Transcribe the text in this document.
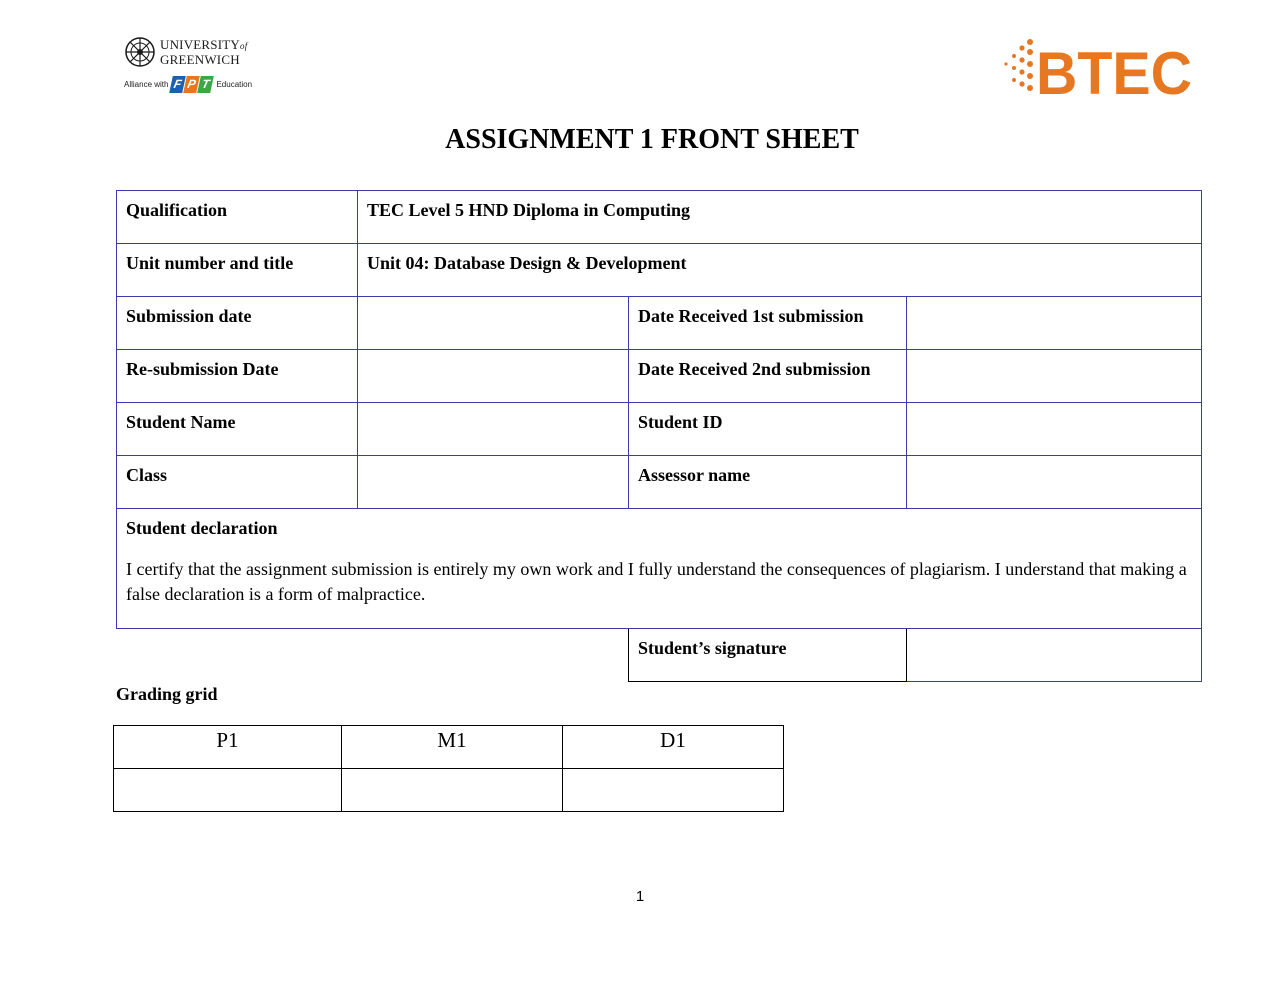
UNIVERSITYof
GREENWICH
Alliance with F P T Education	BTEC
ASSIGNMENT 1 FRONT SHEET
Qualification	TEC Level 5 HND Diploma in Computing		
Unit number and title	Unit 04: Database Design & Development		
Submission date		Date Received 1st submission	
Re-submission Date		Date Received 2nd submission	
Student Name		Student ID	
Class		Assessor name	

Student declaration
I certify that the assignment submission is entirely my own work and I fully understand the consequences of plagiarism. I understand that making a false declaration is a form of malpractice.			

		Student’s signature	
Grading grid
P1	M1	D1

1
